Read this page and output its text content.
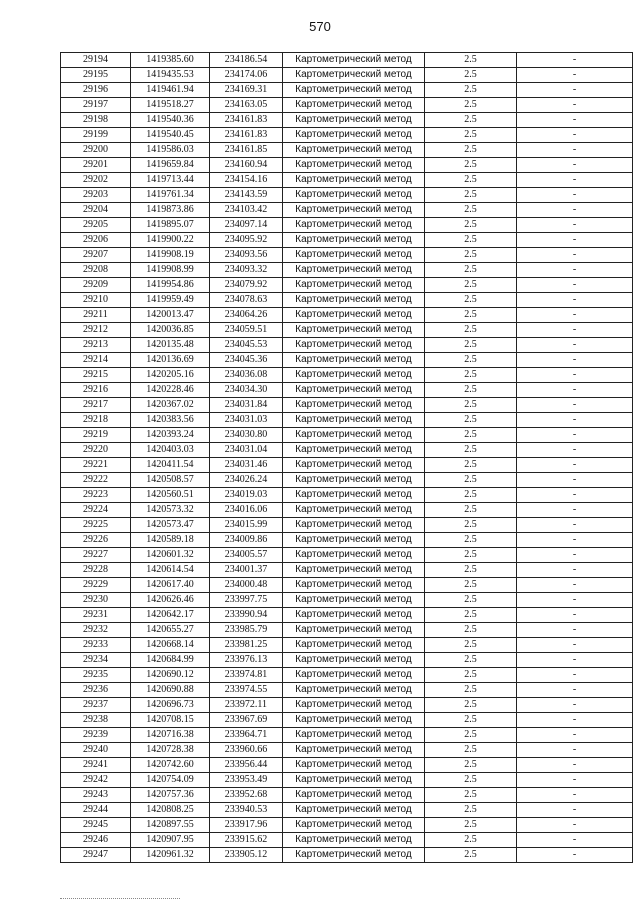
570
29194	1419385.60	234186.54	Картометрический метод	2.5	-
29195	1419435.53	234174.06	Картометрический метод	2.5	-
29196	1419461.94	234169.31	Картометрический метод	2.5	-
29197	1419518.27	234163.05	Картометрический метод	2.5	-
29198	1419540.36	234161.83	Картометрический метод	2.5	-
29199	1419540.45	234161.83	Картометрический метод	2.5	-
29200	1419586.03	234161.85	Картометрический метод	2.5	-
29201	1419659.84	234160.94	Картометрический метод	2.5	-
29202	1419713.44	234154.16	Картометрический метод	2.5	-
29203	1419761.34	234143.59	Картометрический метод	2.5	-
29204	1419873.86	234103.42	Картометрический метод	2.5	-
29205	1419895.07	234097.14	Картометрический метод	2.5	-
29206	1419900.22	234095.92	Картометрический метод	2.5	-
29207	1419908.19	234093.56	Картометрический метод	2.5	-
29208	1419908.99	234093.32	Картометрический метод	2.5	-
29209	1419954.86	234079.92	Картометрический метод	2.5	-
29210	1419959.49	234078.63	Картометрический метод	2.5	-
29211	1420013.47	234064.26	Картометрический метод	2.5	-
29212	1420036.85	234059.51	Картометрический метод	2.5	-
29213	1420135.48	234045.53	Картометрический метод	2.5	-
29214	1420136.69	234045.36	Картометрический метод	2.5	-
29215	1420205.16	234036.08	Картометрический метод	2.5	-
29216	1420228.46	234034.30	Картометрический метод	2.5	-
29217	1420367.02	234031.84	Картометрический метод	2.5	-
29218	1420383.56	234031.03	Картометрический метод	2.5	-
29219	1420393.24	234030.80	Картометрический метод	2.5	-
29220	1420403.03	234031.04	Картометрический метод	2.5	-
29221	1420411.54	234031.46	Картометрический метод	2.5	-
29222	1420508.57	234026.24	Картометрический метод	2.5	-
29223	1420560.51	234019.03	Картометрический метод	2.5	-
29224	1420573.32	234016.06	Картометрический метод	2.5	-
29225	1420573.47	234015.99	Картометрический метод	2.5	-
29226	1420589.18	234009.86	Картометрический метод	2.5	-
29227	1420601.32	234005.57	Картометрический метод	2.5	-
29228	1420614.54	234001.37	Картометрический метод	2.5	-
29229	1420617.40	234000.48	Картометрический метод	2.5	-
29230	1420626.46	233997.75	Картометрический метод	2.5	-
29231	1420642.17	233990.94	Картометрический метод	2.5	-
29232	1420655.27	233985.79	Картометрический метод	2.5	-
29233	1420668.14	233981.25	Картометрический метод	2.5	-
29234	1420684.99	233976.13	Картометрический метод	2.5	-
29235	1420690.12	233974.81	Картометрический метод	2.5	-
29236	1420690.88	233974.55	Картометрический метод	2.5	-
29237	1420696.73	233972.11	Картометрический метод	2.5	-
29238	1420708.15	233967.69	Картометрический метод	2.5	-
29239	1420716.38	233964.71	Картометрический метод	2.5	-
29240	1420728.38	233960.66	Картометрический метод	2.5	-
29241	1420742.60	233956.44	Картометрический метод	2.5	-
29242	1420754.09	233953.49	Картометрический метод	2.5	-
29243	1420757.36	233952.68	Картометрический метод	2.5	-
29244	1420808.25	233940.53	Картометрический метод	2.5	-
29245	1420897.55	233917.96	Картометрический метод	2.5	-
29246	1420907.95	233915.62	Картометрический метод	2.5	-
29247	1420961.32	233905.12	Картометрический метод	2.5	-
